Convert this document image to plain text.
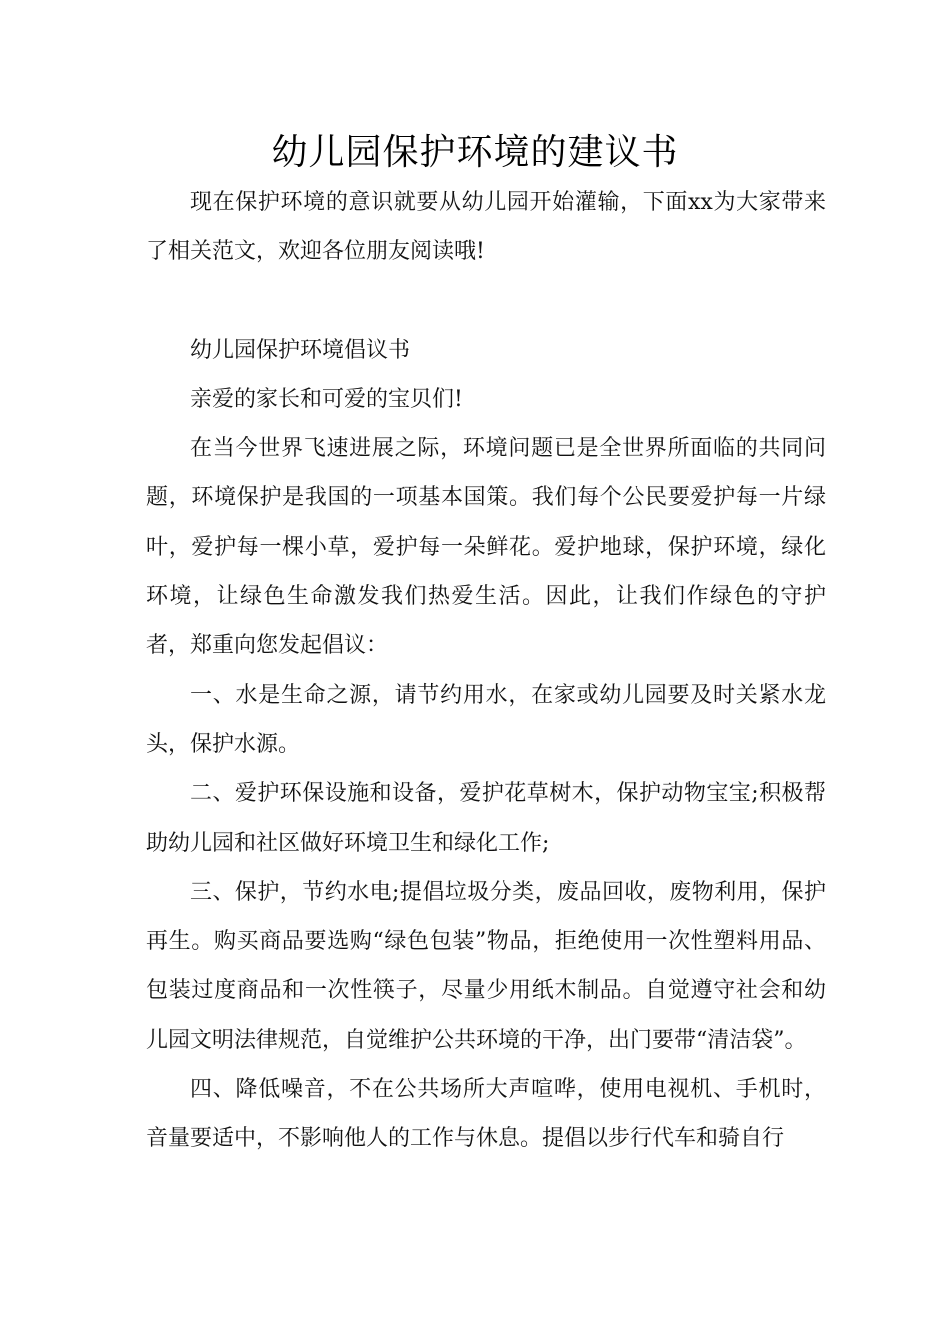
幼儿园保护环境的建议书

现在保护环境的意识就要从幼儿园开始灌输，下面xx为大家带来了相关范文，欢迎各位朋友阅读哦!

幼儿园保护环境倡议书

亲爱的家长和可爱的宝贝们!

在当今世界飞速进展之际，环境问题已是全世界所面临的共同问题，环境保护是我国的一项基本国策。我们每个公民要爱护每一片绿叶，爱护每一棵小草，爱护每一朵鲜花。爱护地球，保护环境，绿化环境，让绿色生命激发我们热爱生活。因此，让我们作绿色的守护者，郑重向您发起倡议：

一、水是生命之源，请节约用水，在家或幼儿园要及时关紧水龙头，保护水源。

二、爱护环保设施和设备，爱护花草树木，保护动物宝宝;积极帮助幼儿园和社区做好环境卫生和绿化工作;

三、保护，节约水电;提倡垃圾分类，废品回收，废物利用，保护再生。购买商品要选购“绿色包装”物品，拒绝使用一次性塑料用品、包装过度商品和一次性筷子，尽量少用纸木制品。自觉遵守社会和幼儿园文明法律规范，自觉维护公共环境的干净，出门要带“清洁袋”。

四、降低噪音，不在公共场所大声喧哗，使用电视机、手机时，音量要适中，不影响他人的工作与休息。提倡以步行代车和骑自行
